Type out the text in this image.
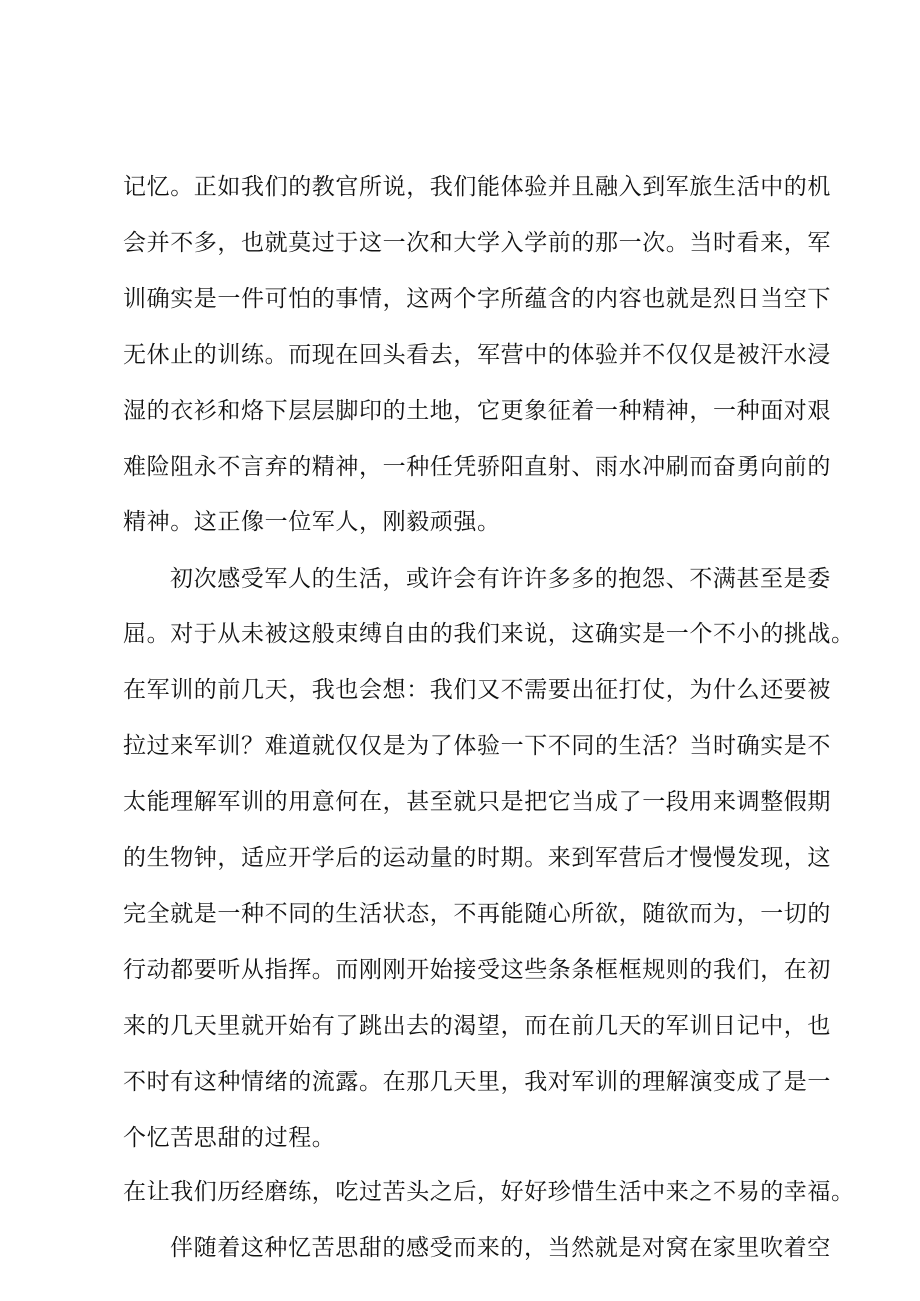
记忆。正如我们的教官所说，我们能体验并且融入到军旅生活中的机
会并不多，也就莫过于这一次和大学入学前的那一次。当时看来，军
训确实是一件可怕的事情，这两个字所蕴含的内容也就是烈日当空下
无休止的训练。而现在回头看去，军营中的体验并不仅仅是被汗水浸
湿的衣衫和烙下层层脚印的土地，它更象征着一种精神，一种面对艰
难险阻永不言弃的精神，一种任凭骄阳直射、雨水冲刷而奋勇向前的
精神。这正像一位军人，刚毅顽强。
初次感受军人的生活，或许会有许许多多的抱怨、不满甚至是委
屈。对于从未被这般束缚自由的我们来说，这确实是一个不小的挑战。
在军训的前几天，我也会想：我们又不需要出征打仗，为什么还要被
拉过来军训？难道就仅仅是为了体验一下不同的生活？当时确实是不
太能理解军训的用意何在，甚至就只是把它当成了一段用来调整假期
的生物钟，适应开学后的运动量的时期。来到军营后才慢慢发现，这
完全就是一种不同的生活状态，不再能随心所欲，随欲而为，一切的
行动都要听从指挥。而刚刚开始接受这些条条框框规则的我们，在初
来的几天里就开始有了跳出去的渴望，而在前几天的军训日记中，也
不时有这种情绪的流露。在那几天里，我对军训的理解演变成了是一
个忆苦思甜的过程。
在让我们历经磨练，吃过苦头之后，好好珍惜生活中来之不易的幸福。
伴随着这种忆苦思甜的感受而来的，当然就是对窝在家里吹着空
